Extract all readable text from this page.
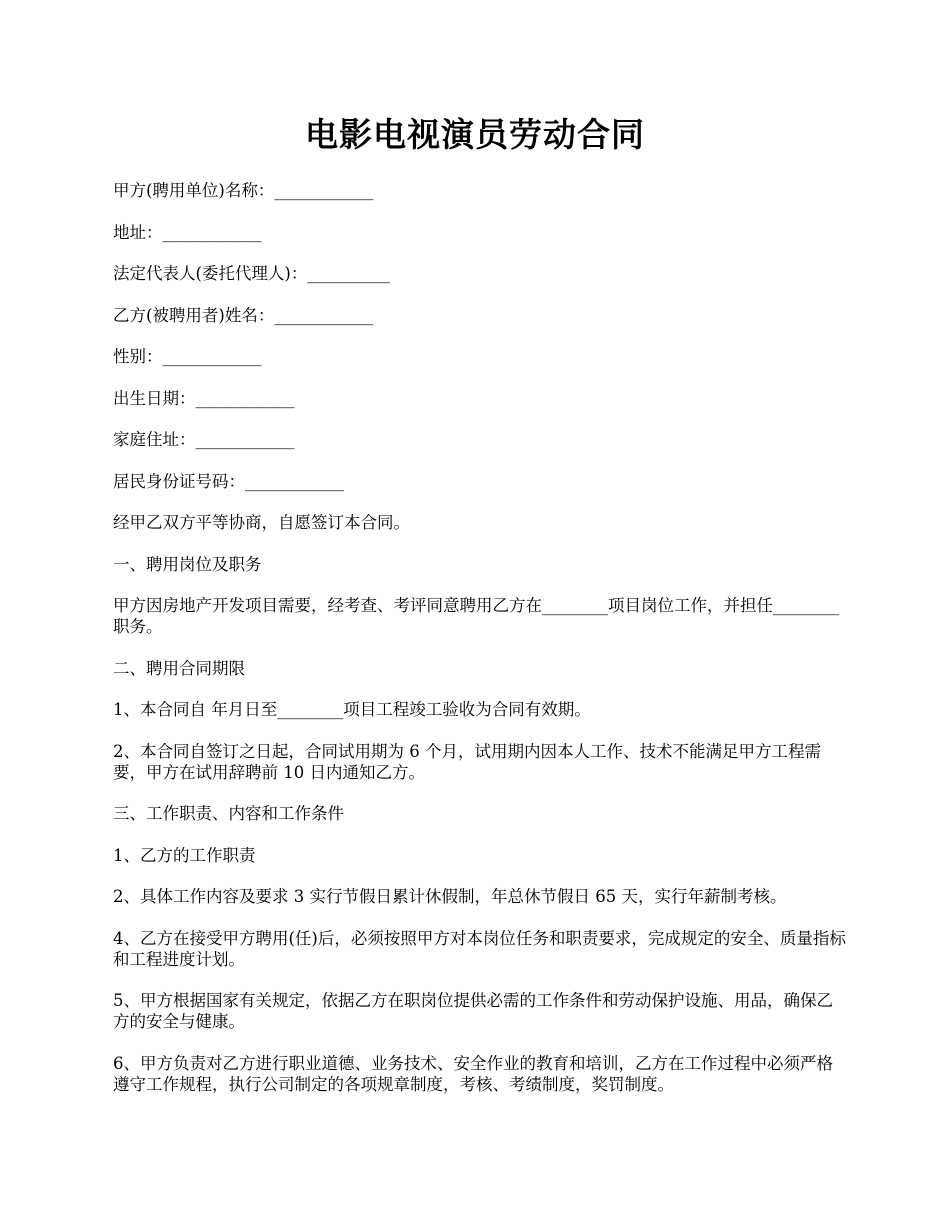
电影电视演员劳动合同

甲方(聘用单位)名称：____________

地址：____________

法定代表人(委托代理人)：__________

乙方(被聘用者)姓名：____________

性别：____________

出生日期：____________

家庭住址：____________

居民身份证号码：____________

经甲乙双方平等协商，自愿签订本合同。

一、聘用岗位及职务

甲方因房地产开发项目需要，经考查、考评同意聘用乙方在________项目岗位工作，并担任________职务。

二、聘用合同期限

1、本合同自 年月日至________项目工程竣工验收为合同有效期。

2、本合同自签订之日起，合同试用期为 6 个月，试用期内因本人工作、技术不能满足甲方工程需要，甲方在试用辞聘前 10 日内通知乙方。

三、工作职责、内容和工作条件

1、乙方的工作职责

2、具体工作内容及要求 3 实行节假日累计休假制，年总休节假日 65 天，实行年薪制考核。

4、乙方在接受甲方聘用(任)后，必须按照甲方对本岗位任务和职责要求，完成规定的安全、质量指标和工程进度计划。

5、甲方根据国家有关规定，依据乙方在职岗位提供必需的工作条件和劳动保护设施、用品，确保乙方的安全与健康。

6、甲方负责对乙方进行职业道德、业务技术、安全作业的教育和培训，乙方在工作过程中必须严格遵守工作规程，执行公司制定的各项规章制度，考核、考绩制度，奖罚制度。
